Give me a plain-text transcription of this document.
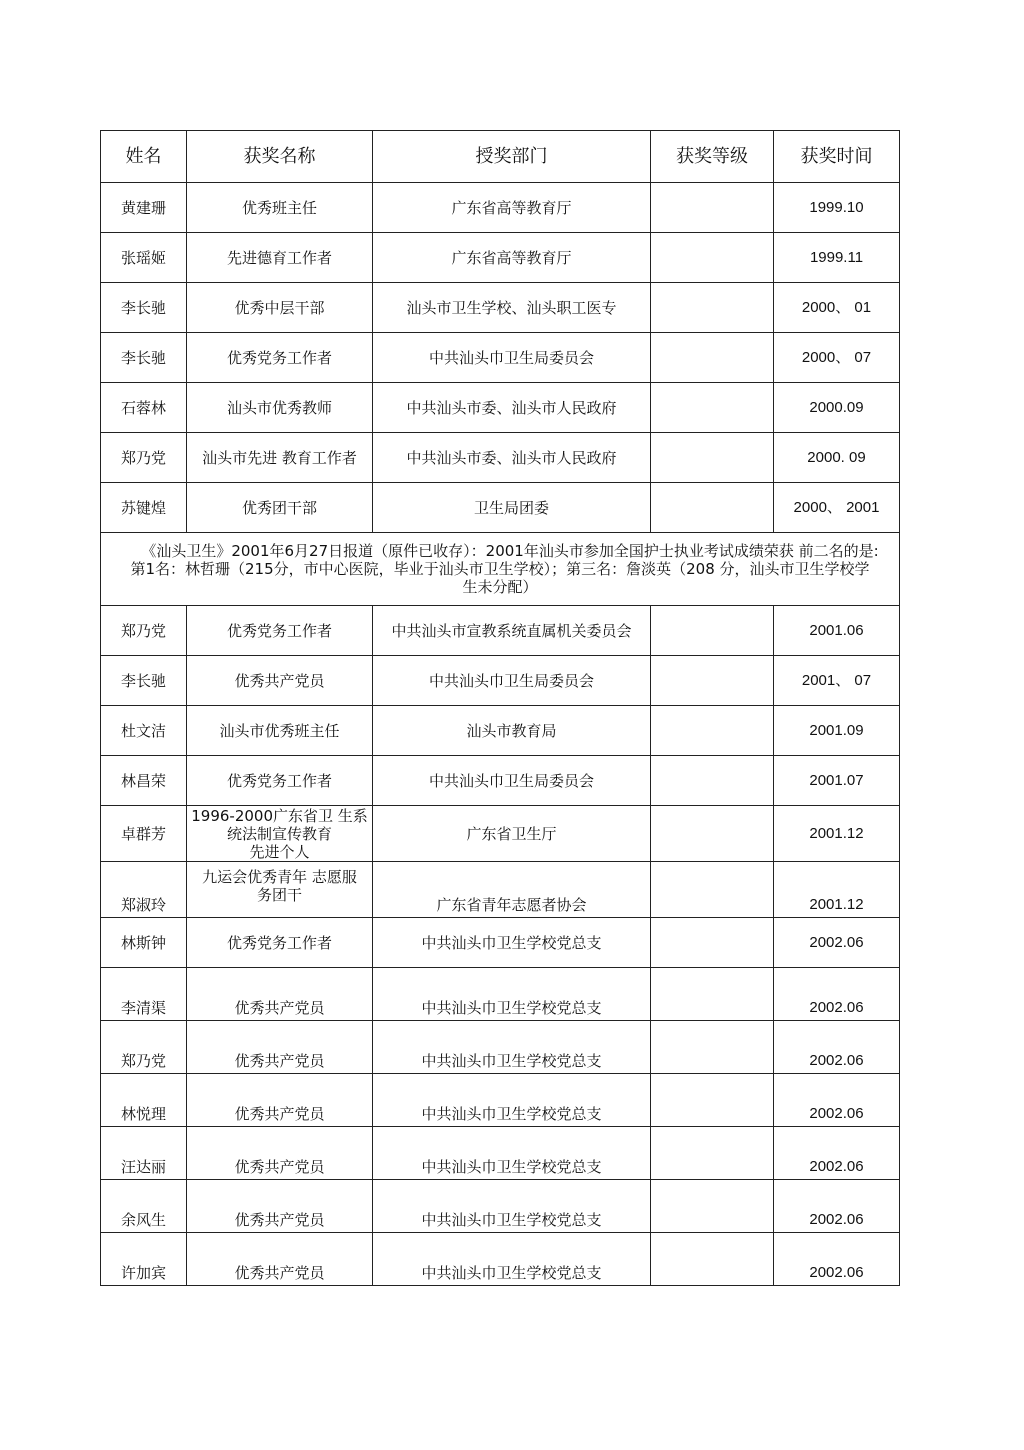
姓名	获奖名称	授奖部门	获奖等级	获奖时间
黄建珊	优秀班主任	广东省高等教育厅		1999.10
张瑶姬	先进德育工作者	广东省高等教育厅		1999.11
李长驰	优秀中层干部	汕头市卫生学校、汕头职工医专		2000、 01
李长驰	优秀党务工作者	中共汕头巾卫生局委员会		2000、 07
石蓉林	汕头市优秀教师	中共汕头市委、汕头市人民政府		2000.09
郑乃党	汕头市先进 教育工作者	中共汕头市委、汕头市人民政府		2000. 09
苏键煌	优秀团干部	卫生局团委		2000、 2001

《汕头卫生》2001年6月27日报道（原件已收存）：2001年汕头市参加全国护士执业考试成绩荣获 前二名的是:
第1名：林哲珊（215分，市中心医院，毕业于汕头市卫生学校）；第三名：詹淡英（208 分，汕头市卫生学校学
生未分配）				

郑乃党	优秀党务工作者	中共汕头市宣教系统直属机关委员会		2001.06
李长驰	优秀共产党员	中共汕头巾卫生局委员会		2001、 07
杜文洁	汕头市优秀班主任	汕头市教育局		2001.09
林昌荣	优秀党务工作者	中共汕头巾卫生局委员会		2001.07
卓群芳	1996-2000广东省卫 生系
统法制宣传教育
先进个人	广东省卫生厅		2001.12
郑淑玲	九运会优秀青年 志愿服
务团干	广东省青年志愿者协会		2001.12
林斯钟	优秀党务工作者	中共汕头巾卫生学校党总支		2002.06
李清渠	优秀共产党员	中共汕头巾卫生学校党总支		2002.06
郑乃党	优秀共产党员	中共汕头巾卫生学校党总支		2002.06
林悦理	优秀共产党员	中共汕头巾卫生学校党总支		2002.06
汪达丽	优秀共产党员	中共汕头巾卫生学校党总支		2002.06
余风生	优秀共产党员	中共汕头巾卫生学校党总支		2002.06
许加宾	优秀共产党员	中共汕头巾卫生学校党总支		2002.06
